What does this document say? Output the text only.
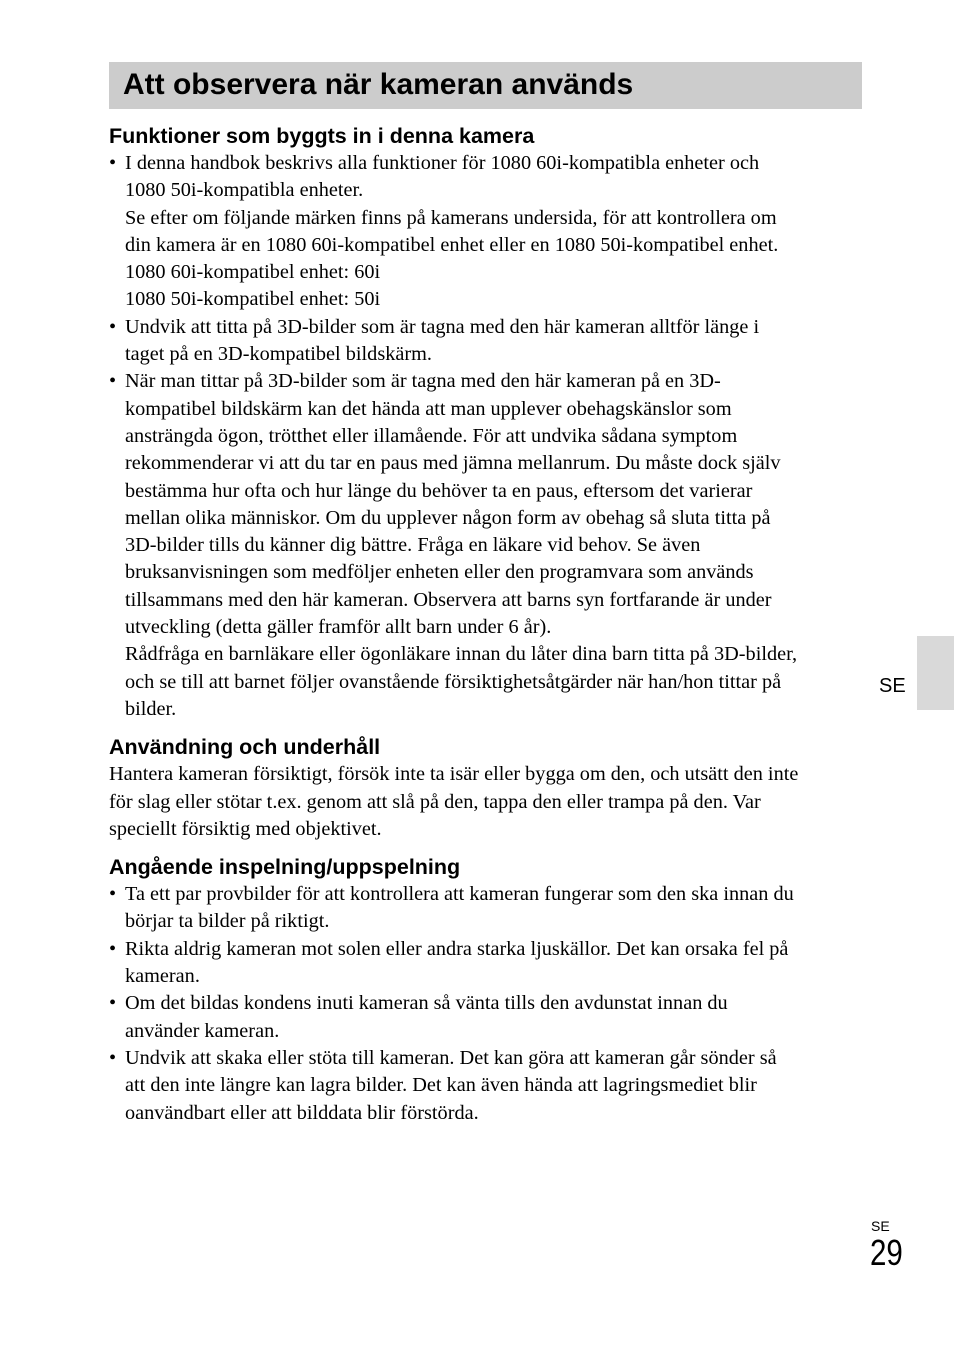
Att observera när kameran används
Funktioner som byggts in i denna kamera
• I denna handbok beskrivs alla funktioner för 1080 60i-kompatibla enheter och
1080 50i-kompatibla enheter.
Se efter om följande märken finns på kamerans undersida, för att kontrollera om
din kamera är en 1080 60i-kompatibel enhet eller en 1080 50i-kompatibel enhet.
1080 60i-kompatibel enhet: 60i
1080 50i-kompatibel enhet: 50i
• Undvik att titta på 3D-bilder som är tagna med den här kameran alltför länge i
taget på en 3D-kompatibel bildskärm.
• När man tittar på 3D-bilder som är tagna med den här kameran på en 3D-
kompatibel bildskärm kan det hända att man upplever obehagskänslor som
ansträngda ögon, trötthet eller illamående. För att undvika sådana symptom
rekommenderar vi att du tar en paus med jämna mellanrum. Du måste dock själv
bestämma hur ofta och hur länge du behöver ta en paus, eftersom det varierar
mellan olika människor. Om du upplever någon form av obehag så sluta titta på
3D-bilder tills du känner dig bättre. Fråga en läkare vid behov. Se även
bruksanvisningen som medföljer enheten eller den programvara som används
tillsammans med den här kameran. Observera att barns syn fortfarande är under
utveckling (detta gäller framför allt barn under 6 år).
Rådfråga en barnläkare eller ögonläkare innan du låter dina barn titta på 3D-bilder,
och se till att barnet följer ovanstående försiktighetsåtgärder när han/hon tittar på
bilder.
Användning och underhåll

Hantera kameran försiktigt, försök inte ta isär eller bygga om den, och utsätt den inte
för slag eller stötar t.ex. genom att slå på den, tappa den eller trampa på den. Var
speciellt försiktig med objektivet.

Angående inspelning/uppspelning
• Ta ett par provbilder för att kontrollera att kameran fungerar som den ska innan du
börjar ta bilder på riktigt.
• Rikta aldrig kameran mot solen eller andra starka ljuskällor. Det kan orsaka fel på
kameran.
• Om det bildas kondens inuti kameran så vänta tills den avdunstat innan du
använder kameran.
• Undvik att skaka eller stöta till kameran. Det kan göra att kameran går sönder så
att den inte längre kan lagra bilder. Det kan även hända att lagringsmediet blir
oanvändbart eller att bilddata blir förstörda.
SE
SE
29
